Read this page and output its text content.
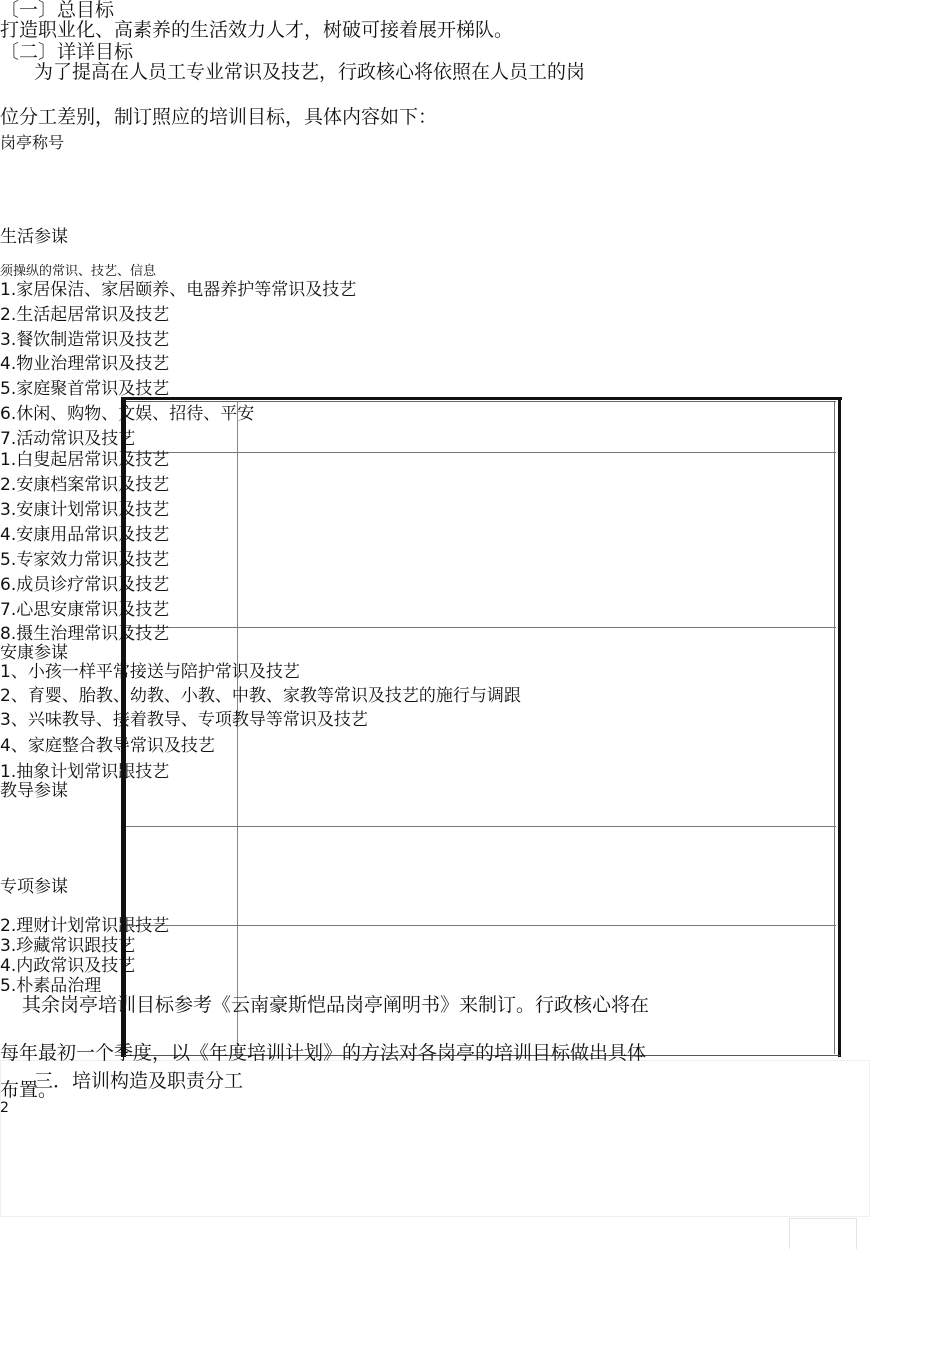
〔一〕总目标

打造职业化、高素养的生活效力人才，树破可接着展开梯队。

〔二〕详详目标

为了提高在人员工专业常识及技艺，行政核心将依照在人员工的岗

位分工差别，制订照应的培训目标，具体内容如下：

岗亭称号

生活参谋

须操纵的常识、技艺、信息

1.家居保洁、家居颐养、电器养护等常识及技艺

2.生活起居常识及技艺

3.餐饮制造常识及技艺

4.物业治理常识及技艺

5.家庭聚首常识及技艺

6.休闲、购物、文娱、招待、平安

7.活动常识及技艺

1.白叟起居常识及技艺

2.安康档案常识及技艺

3.安康计划常识及技艺

4.安康用品常识及技艺

5.专家效力常识及技艺

6.成员诊疗常识及技艺

7.心思安康常识及技艺

8.摄生治理常识及技艺

安康参谋

1、小孩一样平常接送与陪护常识及技艺

2、育婴、胎教、幼教、小教、中教、家教等常识及技艺的施行与调跟

3、兴味教导、接着教导、专项教导等常识及技艺

4、家庭整合教导常识及技艺

1.抽象计划常识跟技艺

教导参谋

专项参谋

2.理财计划常识跟技艺

3.珍藏常识跟技艺

4.内政常识及技艺

5.朴素品治理

其余岗亭培训目标参考《云南豪斯恺品岗亭阐明书》来制订。行政核心将在

每年最初一个季度，以《年度培训计划》的方法对各岗亭的培训目标做出具体

布置。

三．培训构造及职责分工

2
